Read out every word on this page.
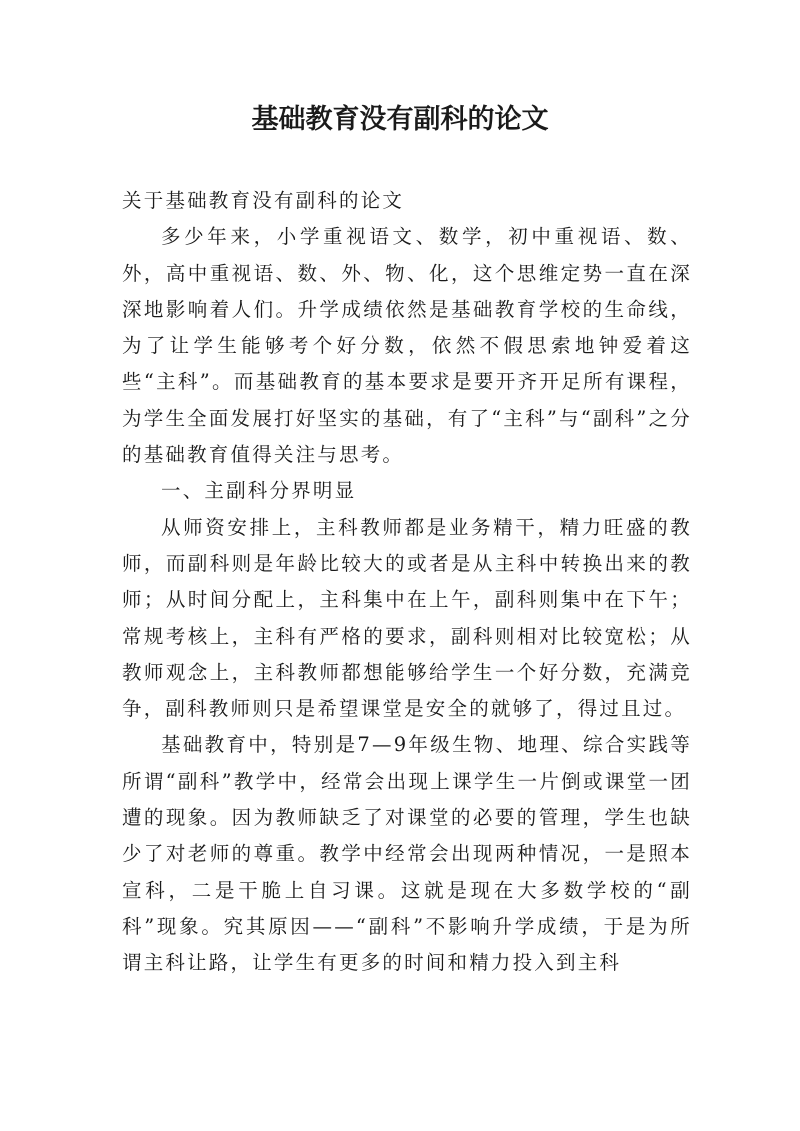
基础教育没有副科的论文

关于基础教育没有副科的论文

多少年来，小学重视语文、数学，初中重视语、数、外，高中重视语、数、外、物、化，这个思维定势一直在深深地影响着人们。升学成绩依然是基础教育学校的生命线，为了让学生能够考个好分数，依然不假思索地钟爱着这些“主科”。而基础教育的基本要求是要开齐开足所有课程，为学生全面发展打好坚实的基础，有了“主科”与“副科”之分的基础教育值得关注与思考。

一、主副科分界明显

从师资安排上，主科教师都是业务精干，精力旺盛的教师，而副科则是年龄比较大的或者是从主科中转换出来的教师；从时间分配上，主科集中在上午，副科则集中在下午；常规考核上，主科有严格的要求，副科则相对比较宽松；从教师观念上，主科教师都想能够给学生一个好分数，充满竞争，副科教师则只是希望课堂是安全的就够了，得过且过。

基础教育中，特别是7—9年级生物、地理、综合实践等所谓“副科”教学中，经常会出现上课学生一片倒或课堂一团遭的现象。因为教师缺乏了对课堂的必要的管理，学生也缺少了对老师的尊重。教学中经常会出现两种情况，一是照本宣科，二是干脆上自习课。这就是现在大多数学校的“副科”现象。究其原因——“副科”不影响升学成绩，于是为所谓主科让路，让学生有更多的时间和精力投入到主科
